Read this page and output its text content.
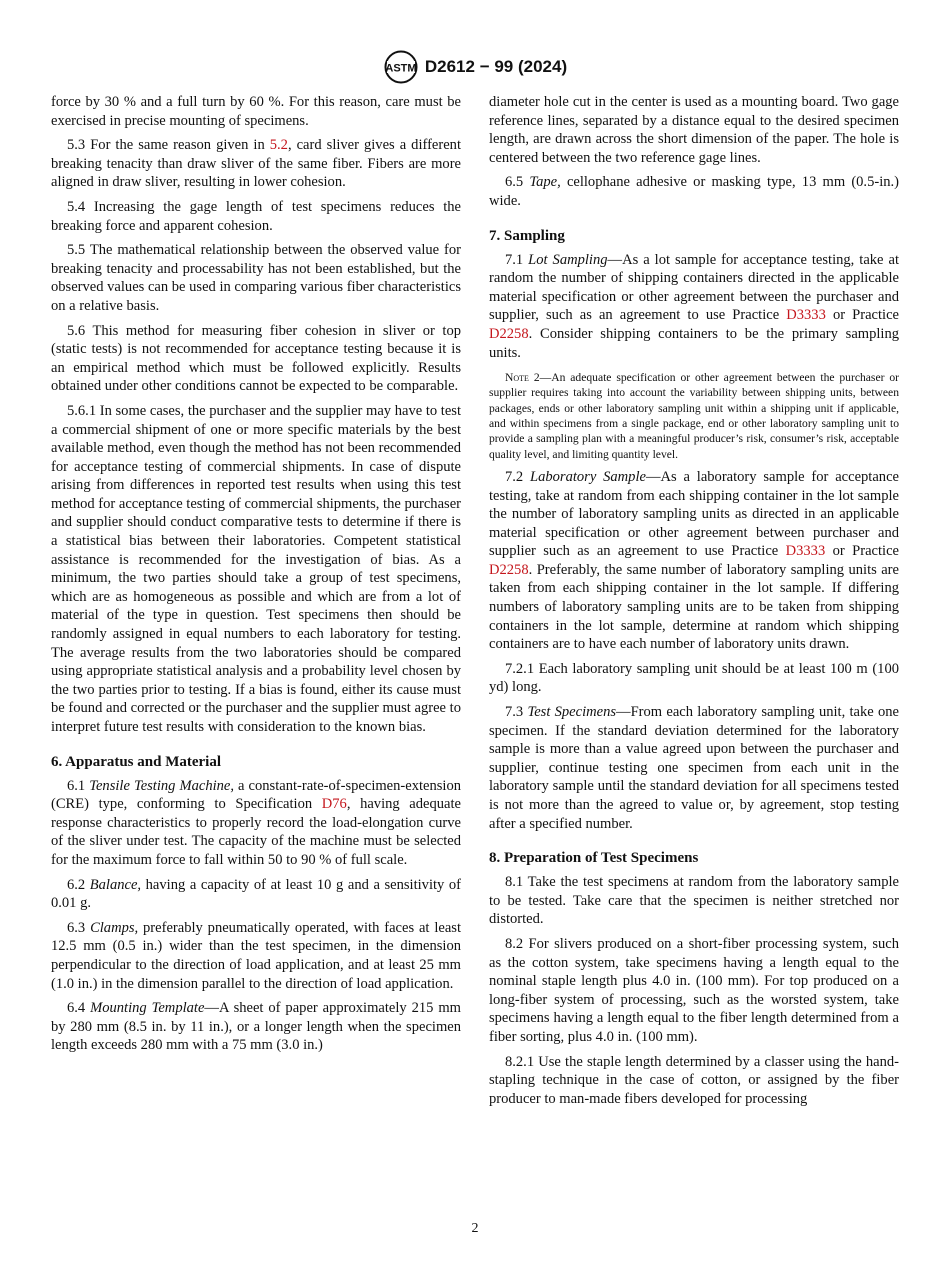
ASTM D2612 − 99 (2024)

force by 30 % and a full turn by 60 %. For this reason, care must be exercised in precise mounting of specimens.

5.3 For the same reason given in 5.2, card sliver gives a different breaking tenacity than draw sliver of the same fiber. Fibers are more aligned in draw sliver, resulting in lower cohesion.

5.4 Increasing the gage length of test specimens reduces the breaking force and apparent cohesion.

5.5 The mathematical relationship between the observed value for breaking tenacity and processability has not been established, but the observed values can be used in comparing various fiber characteristics on a relative basis.

5.6 This method for measuring fiber cohesion in sliver or top (static tests) is not recommended for acceptance testing because it is an empirical method which must be followed explicitly. Results obtained under other conditions cannot be expected to be comparable.

5.6.1 In some cases, the purchaser and the supplier may have to test a commercial shipment of one or more specific materials by the best available method, even though the method has not been recommended for acceptance testing of commercial shipments. In case of dispute arising from differences in reported test results when using this test method for acceptance testing of commercial shipments, the purchaser and supplier should conduct comparative tests to determine if there is a statistical bias between their laboratories. Competent statistical assistance is recommended for the investigation of bias. As a minimum, the two parties should take a group of test specimens, which are as homogeneous as possible and which are from a lot of material of the type in question. Test specimens then should be randomly assigned in equal numbers to each laboratory for testing. The average results from the two laboratories should be compared using appropriate statistical analysis and a probability level chosen by the two parties prior to testing. If a bias is found, either its cause must be found and corrected or the purchaser and the supplier must agree to interpret future test results with consideration to the known bias.

6. Apparatus and Material

6.1 Tensile Testing Machine, a constant-rate-of-specimen-extension (CRE) type, conforming to Specification D76, having adequate response characteristics to properly record the load-elongation curve of the sliver under test. The capacity of the machine must be selected for the maximum force to fall within 50 to 90 % of full scale.

6.2 Balance, having a capacity of at least 10 g and a sensitivity of 0.01 g.

6.3 Clamps, preferably pneumatically operated, with faces at least 12.5 mm (0.5 in.) wider than the test specimen, in the dimension perpendicular to the direction of load application, and at least 25 mm (1.0 in.) in the dimension parallel to the direction of load application.

6.4 Mounting Template—A sheet of paper approximately 215 mm by 280 mm (8.5 in. by 11 in.), or a longer length when the specimen length exceeds 280 mm with a 75 mm (3.0 in.)

diameter hole cut in the center is used as a mounting board. Two gage reference lines, separated by a distance equal to the desired specimen length, are drawn across the short dimension of the paper. The hole is centered between the two reference gage lines.

6.5 Tape, cellophane adhesive or masking type, 13 mm (0.5-in.) wide.

7. Sampling

7.1 Lot Sampling—As a lot sample for acceptance testing, take at random the number of shipping containers directed in the applicable material specification or other agreement between the purchaser and supplier, such as an agreement to use Practice D3333 or Practice D2258. Consider shipping containers to be the primary sampling units.

Note 2—An adequate specification or other agreement between the purchaser or supplier requires taking into account the variability between shipping units, between packages, ends or other laboratory sampling unit within a shipping unit if applicable, and within specimens from a single package, end or other laboratory sampling unit to provide a sampling plan with a meaningful producer’s risk, consumer’s risk, acceptable quality level, and limiting quantity level.

7.2 Laboratory Sample—As a laboratory sample for acceptance testing, take at random from each shipping container in the lot sample the number of laboratory sampling units as directed in an applicable material specification or other agreement between purchaser and supplier such as an agreement to use Practice D3333 or Practice D2258. Preferably, the same number of laboratory sampling units are taken from each shipping container in the lot sample. If differing numbers of laboratory sampling units are to be taken from shipping containers in the lot sample, determine at random which shipping containers are to have each number of laboratory units drawn.

7.2.1 Each laboratory sampling unit should be at least 100 m (100 yd) long.

7.3 Test Specimens—From each laboratory sampling unit, take one specimen. If the standard deviation determined for the laboratory sample is more than a value agreed upon between the purchaser and supplier, continue testing one specimen from each unit in the laboratory sample until the standard deviation for all specimens tested is not more than the agreed to value or, by agreement, stop testing after a specified number.

8. Preparation of Test Specimens

8.1 Take the test specimens at random from the laboratory sample to be tested. Take care that the specimen is neither stretched nor distorted.

8.2 For slivers produced on a short-fiber processing system, such as the cotton system, take specimens having a length equal to the nominal staple length plus 4.0 in. (100 mm). For top produced on a long-fiber system of processing, such as the worsted system, take specimens having a length equal to the fiber length determined from a fiber sorting, plus 4.0 in. (100 mm).

8.2.1 Use the staple length determined by a classer using the hand-stapling technique in the case of cotton, or assigned by the fiber producer to man-made fibers developed for processing

2
